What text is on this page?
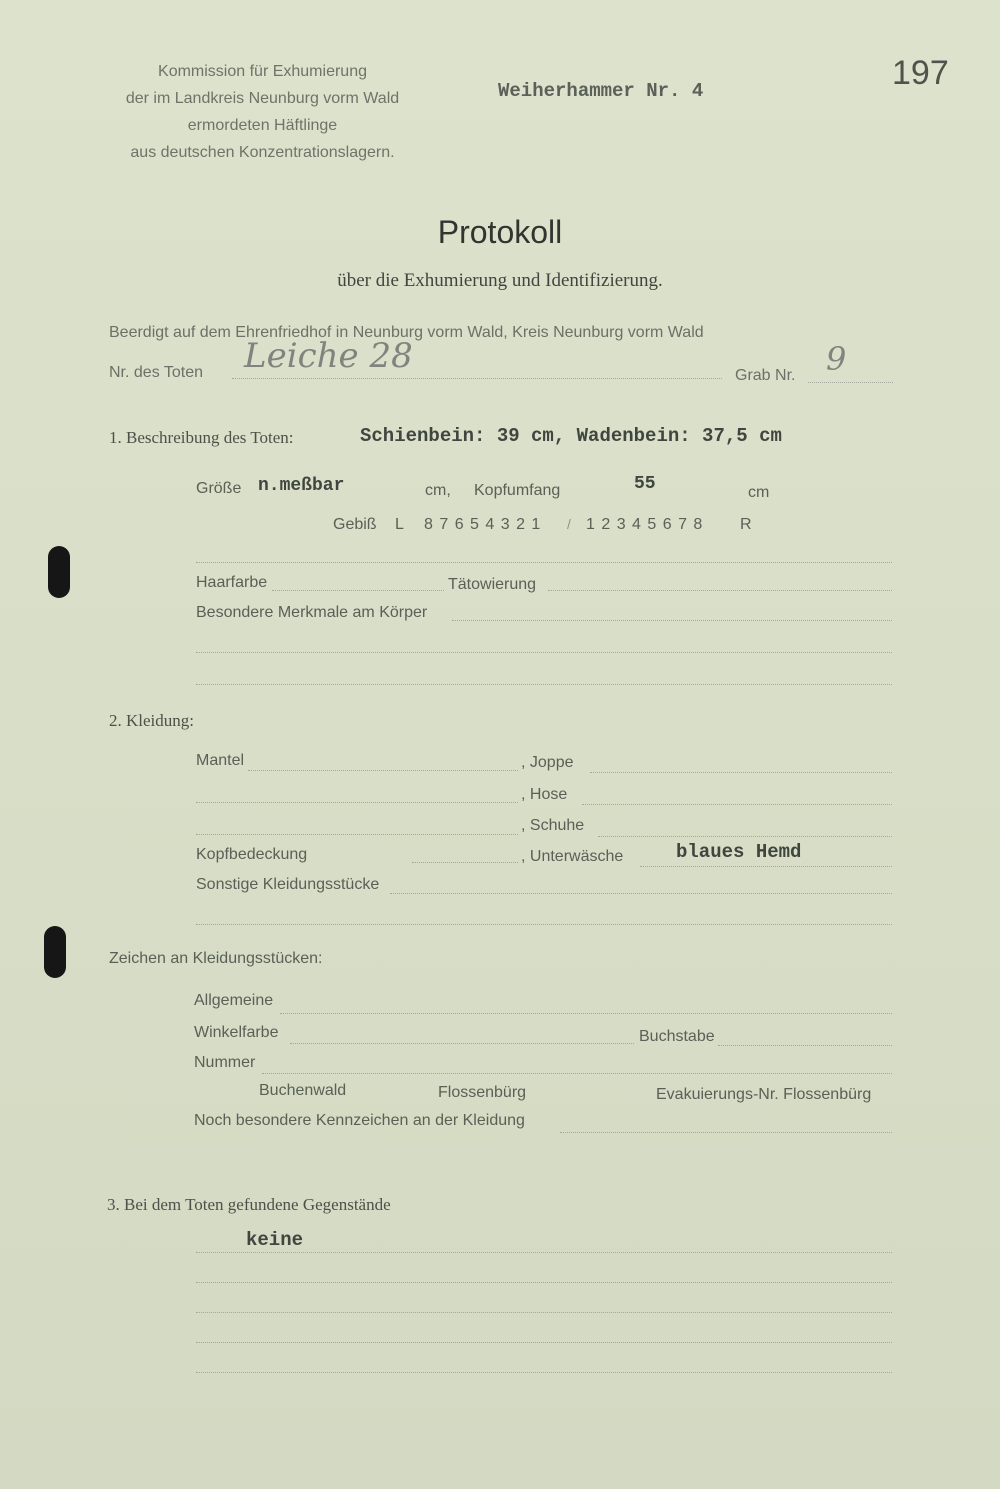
Kommission für Exhumierung
der im Landkreis Neunburg vorm Wald
ermordeten Häftlinge
aus deutschen Konzentrationslagern.
Weiherhammer Nr. 4	197
Protokoll
über die Exhumierung und Identifizierung.
Beerdigt auf dem Ehrenfriedhof in Neunburg vorm Wald, Kreis Neunburg vorm Wald
Nr. des Toten Leiche 28	Grab Nr. 9
1. Beschreibung des Toten:	Schienbein: 39 cm, Wadenbein: 37,5 cm
Größe n.meßbar	cm, Kopfumfang	55	cm
Gebiß L 8 7 6 5 4 3 2 1 / 1 2 3 4 5 6 7 8 R
Haarfarbe	Tätowierung
Besondere Merkmale am Körper
2. Kleidung:
Mantel	, Joppe
, Hose
, Schuhe
Kopfbedeckung	, Unterwäsche	blaues Hemd
Sonstige Kleidungsstücke
Zeichen an Kleidungsstücken:
Allgemeine
Winkelfarbe	Buchstabe
Nummer
Buchenwald	Flossenbürg	Evakuierungs-Nr. Flossenbürg
Noch besondere Kennzeichen an der Kleidung
3. Bei dem Toten gefundene Gegenstände
keine
